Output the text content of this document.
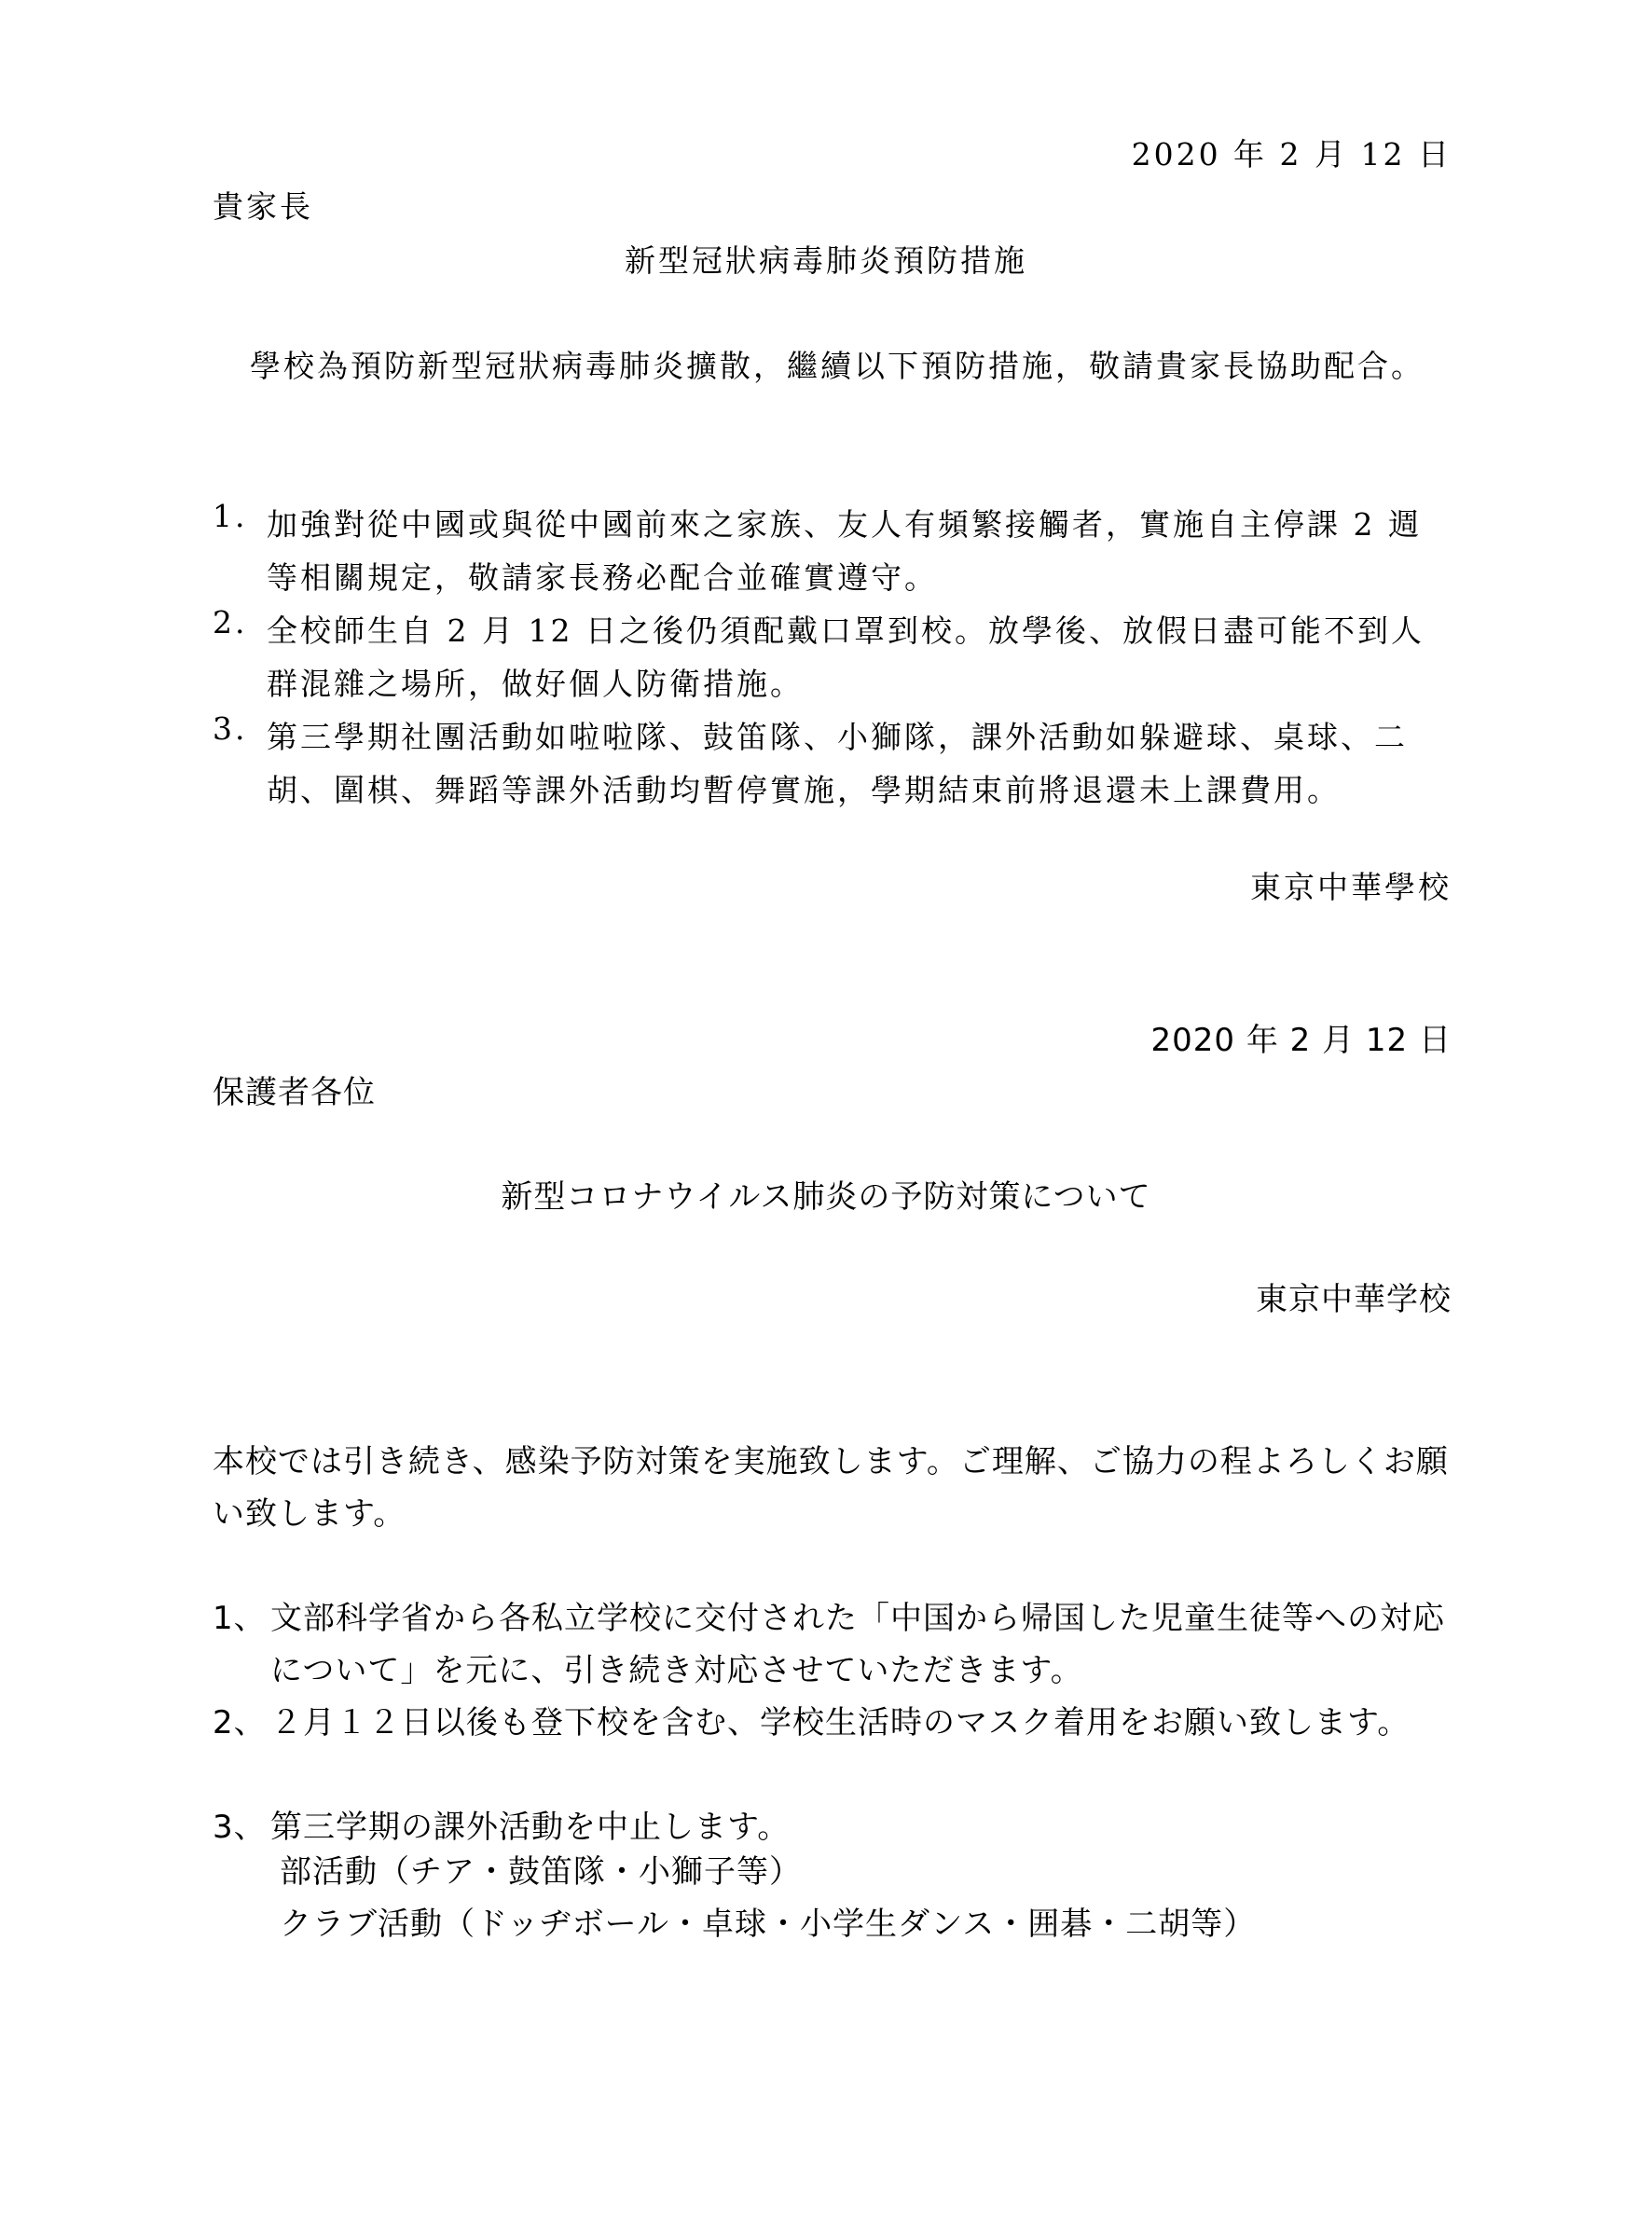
2020 年 2 月 12 日
貴家長
新型冠狀病毒肺炎預防措施
學校為預防新型冠狀病毒肺炎擴散，繼續以下預防措施，敬請貴家長協助配合。
1. 加強對從中國或與從中國前來之家族、友人有頻繁接觸者，實施自主停課 2 週等相關規定，敬請家長務必配合並確實遵守。
2. 全校師生自 2 月 12 日之後仍須配戴口罩到校。放學後、放假日盡可能不到人群混雜之場所，做好個人防衛措施。
3. 第三學期社團活動如啦啦隊、鼓笛隊、小獅隊，課外活動如躲避球、桌球、二胡、圍棋、舞蹈等課外活動均暫停實施，學期結束前將退還未上課費用。
東京中華學校
2020 年 2 月 12 日
保護者各位
新型コロナウイルス肺炎の予防対策について
東京中華学校
本校では引き続き、感染予防対策を実施致します。ご理解、ご協力の程よろしくお願い致します。
1、 文部科学省から各私立学校に交付された「中国から帰国した児童生徒等への対応について」を元に、引き続き対応させていただきます。
2、 ２月１２日以後も登下校を含む、学校生活時のマスク着用をお願い致します。
3、 第三学期の課外活動を中止します。
部活動（チア・鼓笛隊・小獅子等）
クラブ活動（ドッヂボール・卓球・小学生ダンス・囲碁・二胡等）
